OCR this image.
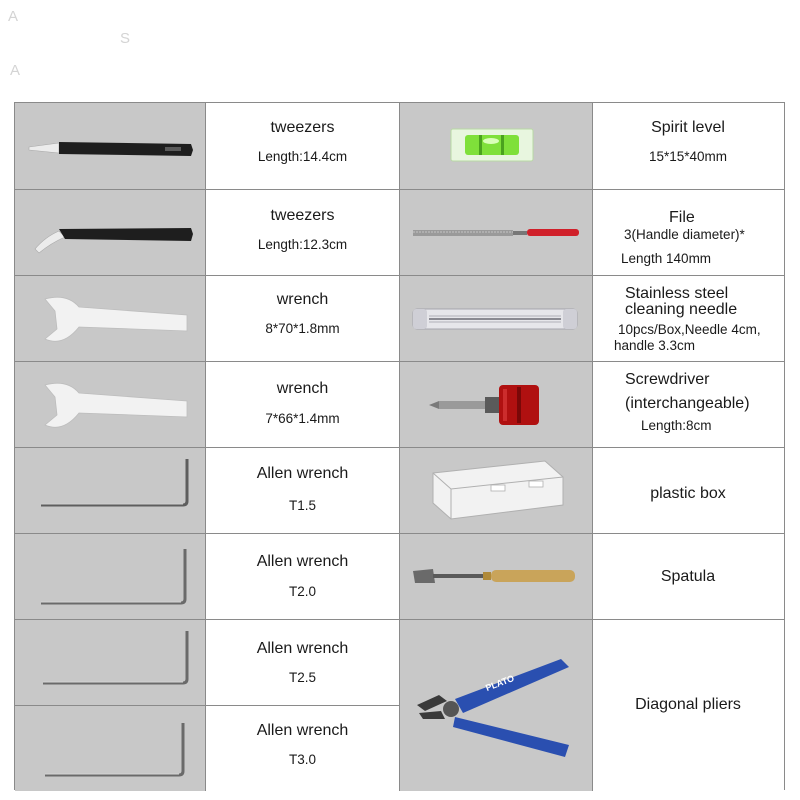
A
S
A
tweezers
Length:14.4cm
tweezers
Length:12.3cm
wrench
8*70*1.8mm
wrench
7*66*1.4mm
Allen wrench
T1.5
Allen wrench
T2.0
Allen wrench
T2.5
Allen wrench
T3.0
PLATO
Spirit level
15*15*40mm
File
3(Handle diameter)*
Length 140mm
Stainless steel
cleaning needle
10pcs/Box,Needle 4cm,
handle 3.3cm
Screwdriver
(interchangeable)
Length:8cm
plastic box
Spatula
Diagonal pliers
